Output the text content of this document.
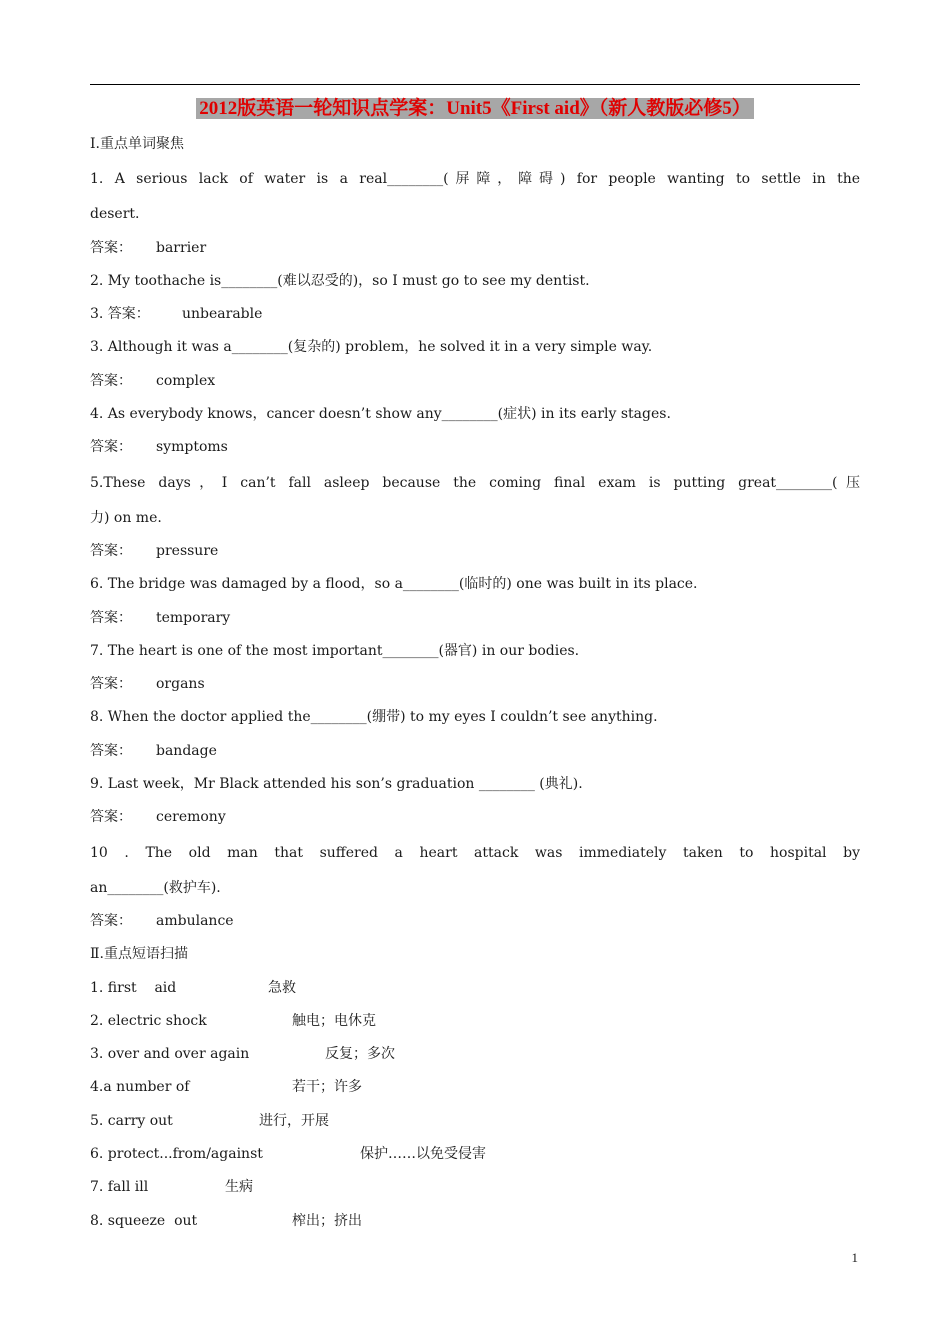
2012版英语一轮知识点学案：Unit5《First aid》（新人教版必修5）
Ⅰ.重点单词聚焦
1. A serious lack of water is a real________(屏障，障碍) for people wanting to settle in the
desert.
答案： barrier
2. My toothache is________(难以忍受的)，so I must go to see my dentist.
3. 答案： unbearable
3. Although it was a________(复杂的) problem，he solved it in a very simple way.
答案： complex
4. As everybody knows，cancer doesn’t show any________(症状) in its early stages.
答案： symptoms
5.These days，I can’t fall asleep because the coming final exam is putting great________(压
力) on me.
答案： pressure
6. The bridge was damaged by a flood，so a________(临时的) one was built in its place.
答案： temporary
7. The heart is one of the most important________(器官) in our bodies.
答案： organs
8. When the doctor applied the________(绷带) to my eyes I couldn’t see anything.
答案： bandage
9. Last week，Mr Black attended his son’s graduation ________ (典礼).
答案： ceremony
10 . The old man that suffered a heart attack was immediately taken to hospital by
an________(救护车).
答案： ambulance
Ⅱ.重点短语扫描
1. first    aid	急救
2. electric shock	触电；电休克
3. over and over again	反复；多次
4.a number of	若干；许多
5. carry out	进行，开展
6. protect...from/against	保护……以免受侵害
7. fall ill	生病
8. squeeze  out	榨出；挤出
1
